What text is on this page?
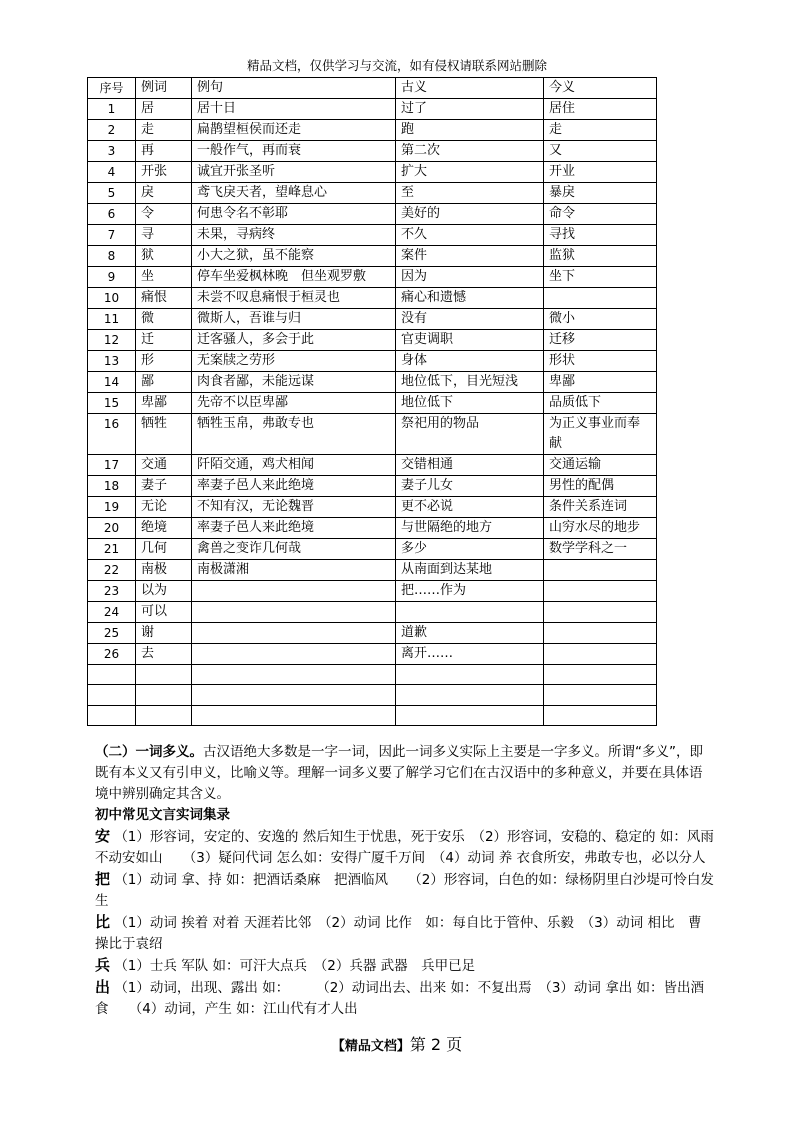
精品文档，仅供学习与交流，如有侵权请联系网站删除
序号	例词	例句	古义	今义
1	居	居十日	过了	居住
2	走	扁鹊望桓侯而还走	跑	走
3	再	一般作气，再而衰	第二次	又
4	开张	诚宜开张圣听	扩大	开业
5	戾	鸢飞戾天者，望峰息心	至	暴戾
6	令	何患令名不彰耶	美好的	命令
7	寻	未果，寻病终	不久	寻找
8	狱	小大之狱，虽不能察	案件	监狱
9	坐	停车坐爱枫林晚　但坐观罗敷	因为	坐下
10	痛恨	未尝不叹息痛恨于桓灵也	痛心和遗憾	
11	微	微斯人，吾谁与归	没有	微小
12	迁	迁客骚人，多会于此	官吏调职	迁移
13	形	无案牍之劳形	身体	形状
14	鄙	肉食者鄙，未能远谋	地位低下，目光短浅	卑鄙
15	卑鄙	先帝不以臣卑鄙	地位低下	品质低下
16	牺牲	牺牲玉帛，弗敢专也	祭祀用的物品	为正义事业而奉献
17	交通	阡陌交通，鸡犬相闻	交错相通	交通运输
18	妻子	率妻子邑人来此绝境	妻子儿女	男性的配偶
19	无论	不知有汉，无论魏晋	更不必说	条件关系连词
20	绝境	率妻子邑人来此绝境	与世隔绝的地方	山穷水尽的地步
21	几何	禽兽之变诈几何哉	多少	数学学科之一
22	南极	南极潇湘	从南面到达某地	
23	以为		把……作为	
24	可以			
25	谢		道歉	
26	去		离开……	

（二）一词多义。古汉语绝大多数是一字一词，因此一词多义实际上主要是一字多义。所谓“多义”，即既有本义又有引申义，比喻义等。理解一词多义要了解学习它们在古汉语中的多种意义，并要在具体语境中辨别确定其含义。

初中常见文言实词集录

安 （1）形容词，安定的、安逸的 然后知生于忧患，死于安乐　（2）形容词，安稳的、稳定的 如：风雨不动安如山　　（3）疑问代词 怎么如：安得广厦千万间　（4）动词 养 衣食所安，弗敢专也，必以分人

把 （1）动词 拿、持 如：把酒话桑麻　把酒临风　　（2）形容词，白色的如：绿杨阴里白沙堤可怜白发生

比 （1）动词 挨着 对着 天涯若比邻　（2）动词 比作　如：每自比于管仲、乐毅　（3）动词 相比　曹操比于袁绍

兵 （1）士兵 军队 如：可汗大点兵　（2）兵器 武器　兵甲已足

出 （1）动词，出现、露出 如：　　　（2）动词出去、出来 如：不复出焉　（3）动词 拿出 如：皆出酒食　　（4）动词，产生 如：江山代有才人出

【精品文档】第 2 页
